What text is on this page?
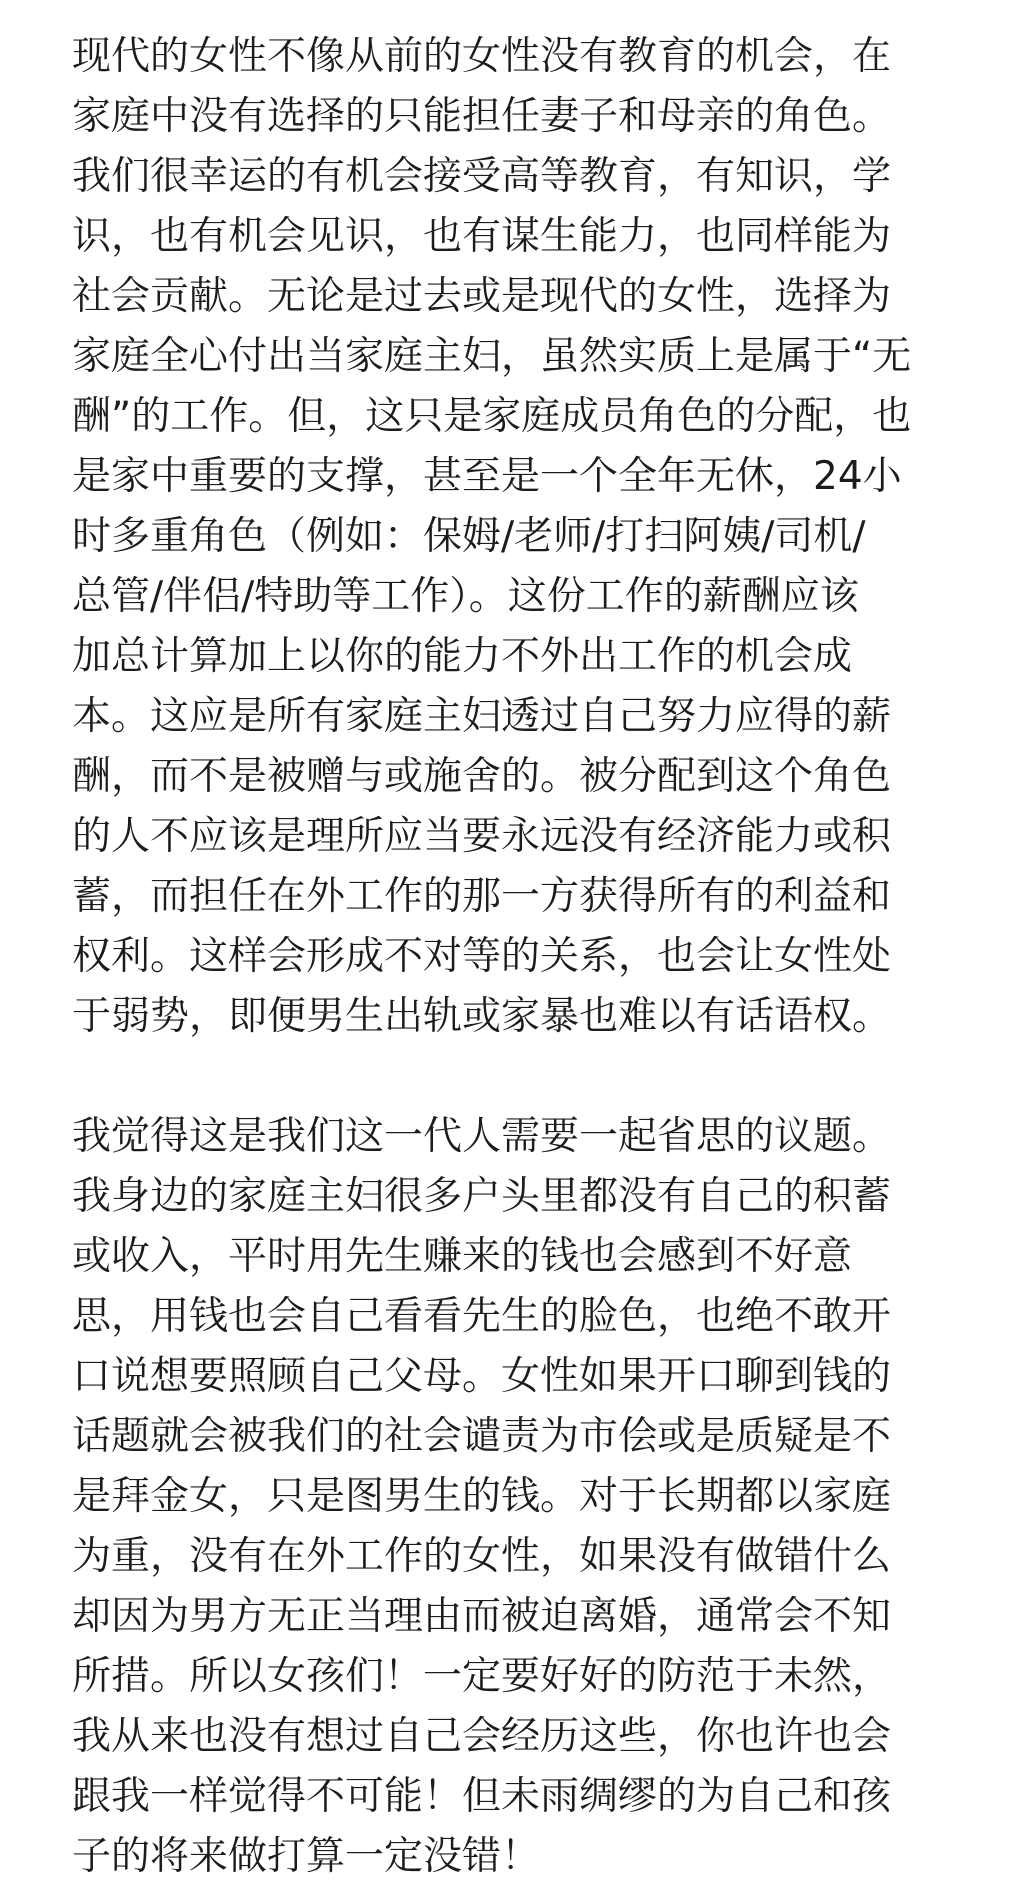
现代的女性不像从前的女性没有教育的机会，在
家庭中没有选择的只能担任妻子和母亲的角色。
我们很幸运的有机会接受高等教育，有知识，学
识，也有机会见识，也有谋生能力，也同样能为
社会贡献。无论是过去或是现代的女性，选择为
家庭全心付出当家庭主妇，虽然实质上是属于“无
酬”的工作。但，这只是家庭成员角色的分配，也
是家中重要的支撑，甚至是一个全年无休，24小
时多重角色（例如：保姆/老师/打扫阿姨/司机/
总管/伴侣/特助等工作）。这份工作的薪酬应该
加总计算加上以你的能力不外出工作的机会成
本。这应是所有家庭主妇透过自己努力应得的薪
酬，而不是被赠与或施舍的。被分配到这个角色
的人不应该是理所应当要永远没有经济能力或积
蓄，而担任在外工作的那一方获得所有的利益和
权利。这样会形成不对等的关系，也会让女性处
于弱势，即便男生出轨或家暴也难以有话语权。
我觉得这是我们这一代人需要一起省思的议题。
我身边的家庭主妇很多户头里都没有自己的积蓄
或收入，平时用先生赚来的钱也会感到不好意
思，用钱也会自己看看先生的脸色，也绝不敢开
口说想要照顾自己父母。女性如果开口聊到钱的
话题就会被我们的社会谴责为市侩或是质疑是不
是拜金女，只是图男生的钱。对于长期都以家庭
为重，没有在外工作的女性，如果没有做错什么
却因为男方无正当理由而被迫离婚，通常会不知
所措。所以女孩们！一定要好好的防范于未然，
我从来也没有想过自己会经历这些，你也许也会
跟我一样觉得不可能！但未雨绸缪的为自己和孩
子的将来做打算一定没错！
